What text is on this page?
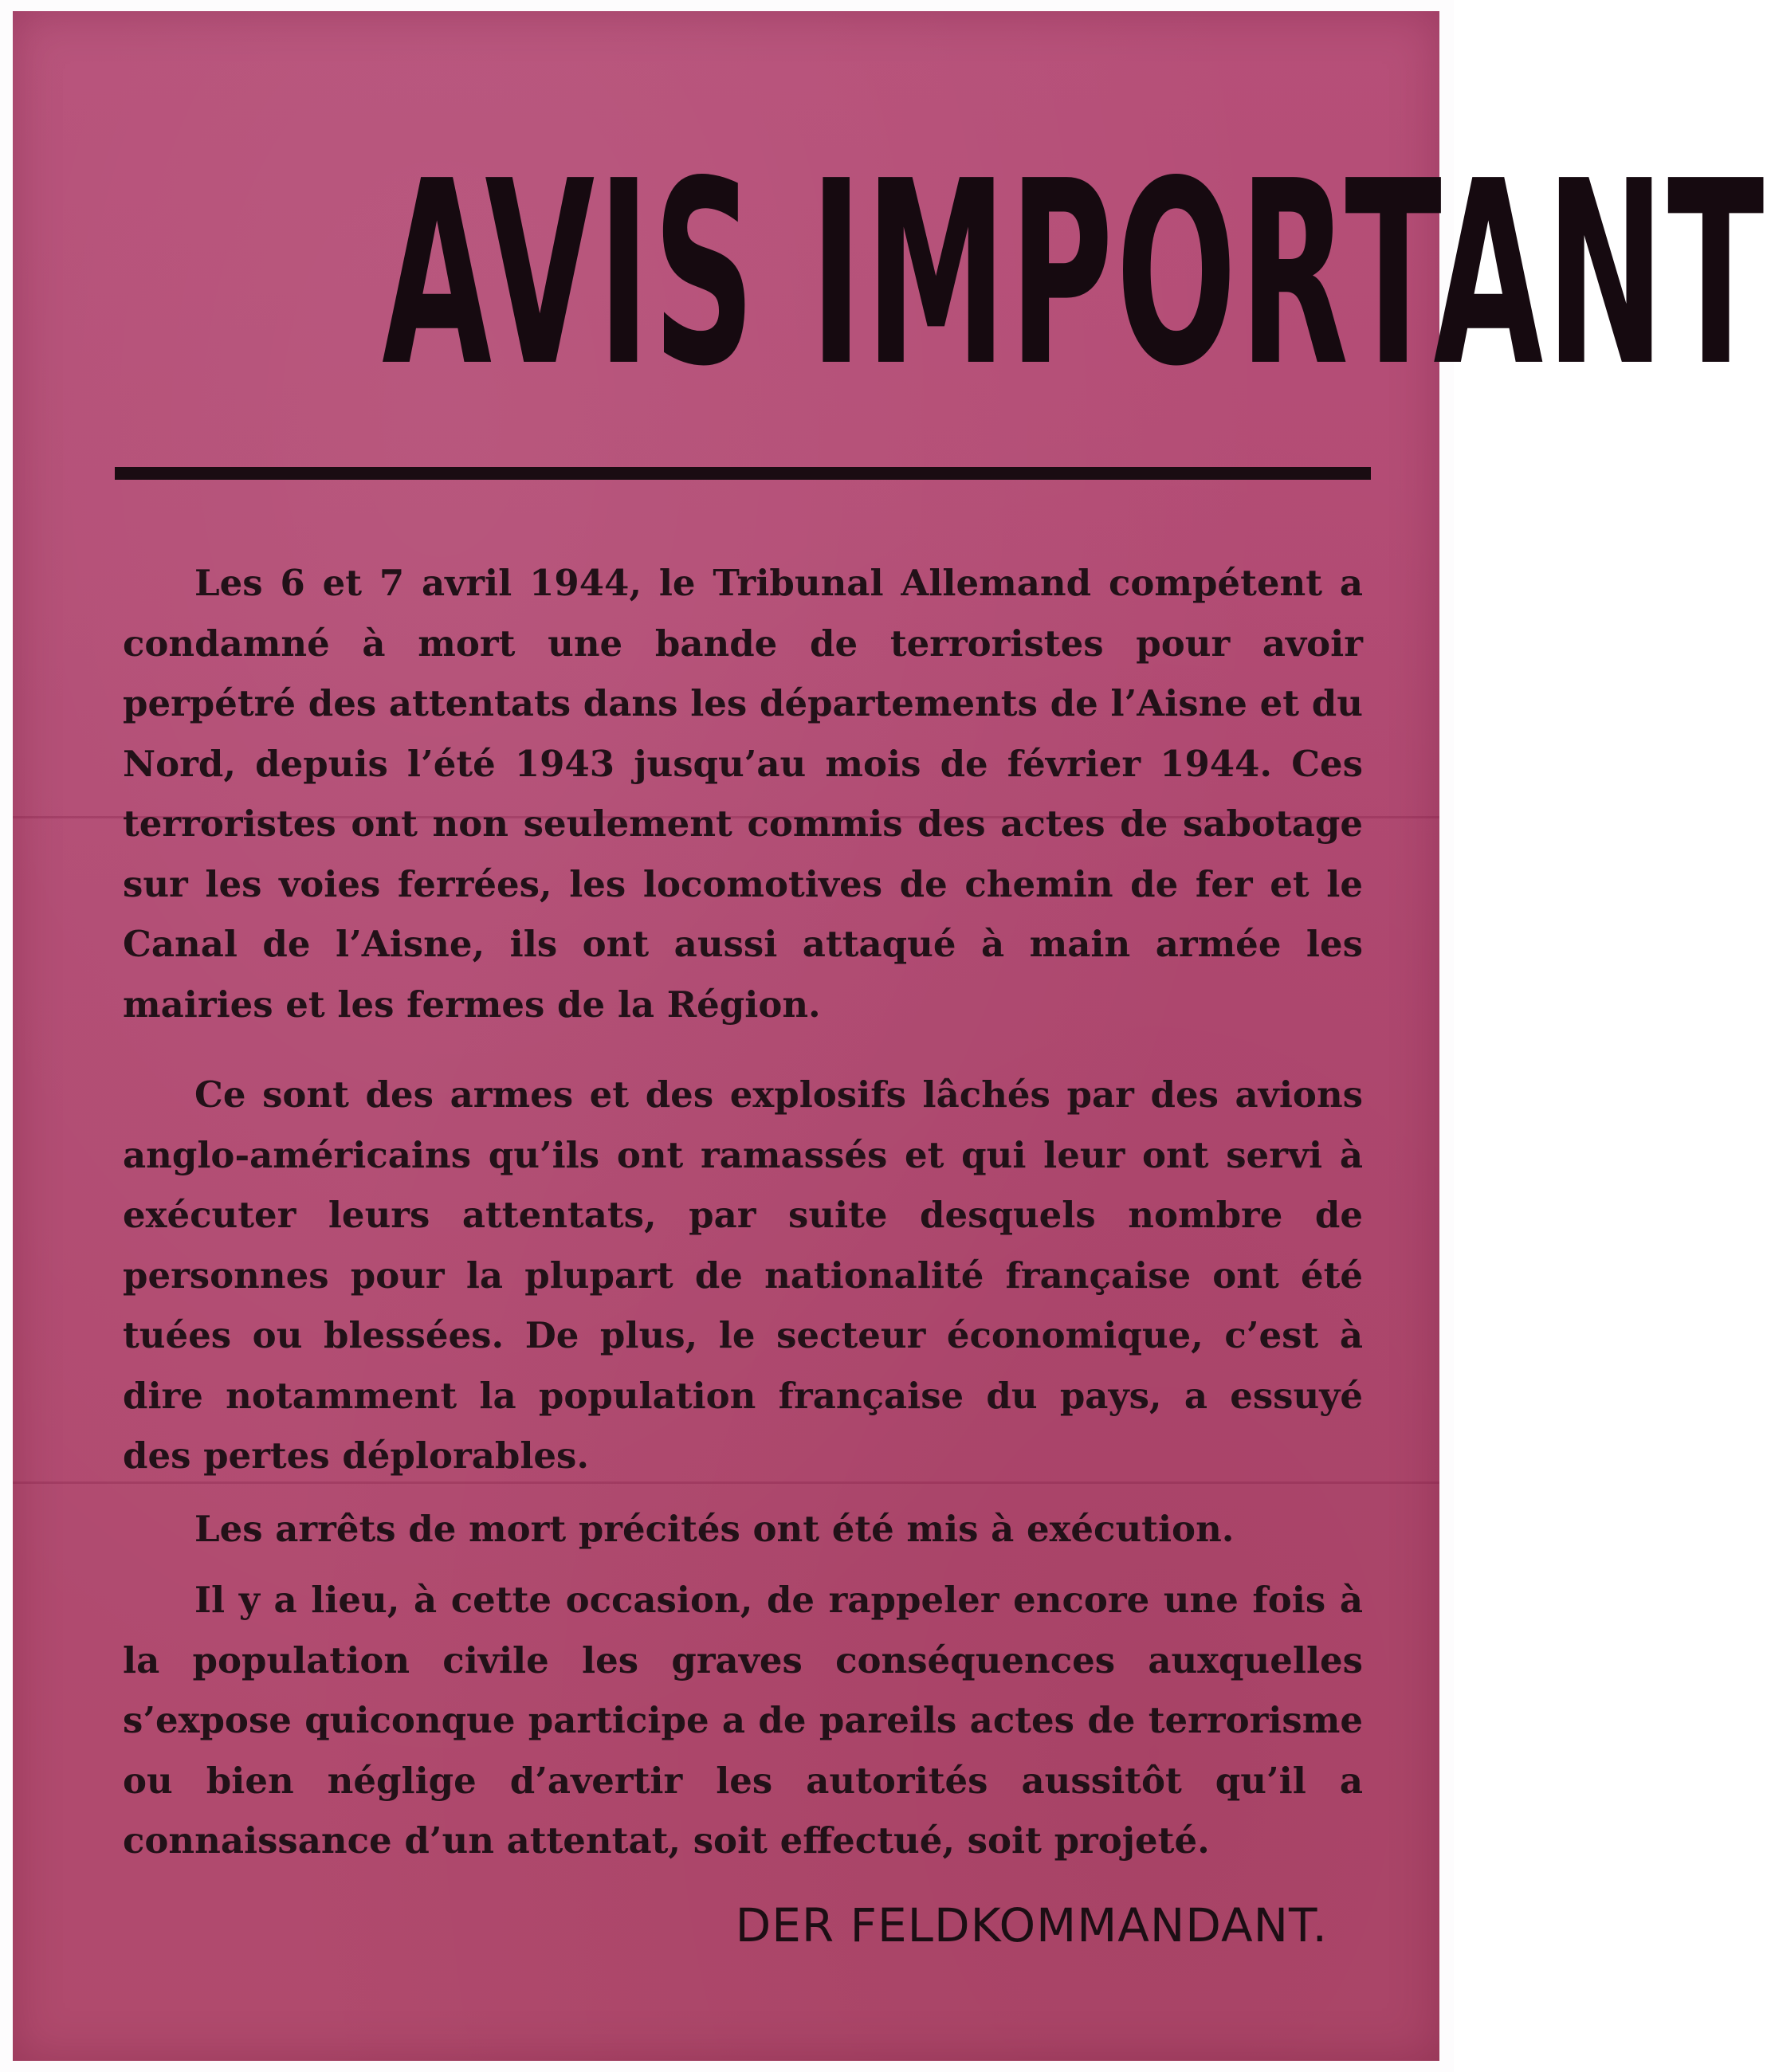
AVIS IMPORTANT

Les 6 et 7 avril 1944, le Tribunal Allemand compétent a condamné à mort une bande de terroristes pour avoir perpétré des attentats dans les départements de l’Aisne et du Nord, depuis l’été 1943 jusqu’au mois de février 1944. Ces terroristes ont non seulement commis des actes de sabotage sur les voies ferrées, les locomotives de chemin de fer et le Canal de l’Aisne, ils ont aussi attaqué à main armée les mairies et les fermes de la Région.

Ce sont des armes et des explosifs lâchés par des avions anglo-américains qu’ils ont ramassés et qui leur ont servi à exécuter leurs attentats, par suite desquels nombre de personnes pour la plupart de nationalité française ont été tuées ou blessées. De plus, le secteur économique, c’est à dire notamment la population française du pays, a essuyé des pertes déplorables.

Les arrêts de mort précités ont été mis à exécution.

Il y a lieu, à cette occasion, de rappeler encore une fois à la population civile les graves conséquences auxquelles s’expose quiconque participe a de pareils actes de terrorisme ou bien néglige d’avertir les autorités aussitôt qu’il a connaissance d’un attentat, soit effectué, soit projeté.

DER FELDKOMMANDANT.
